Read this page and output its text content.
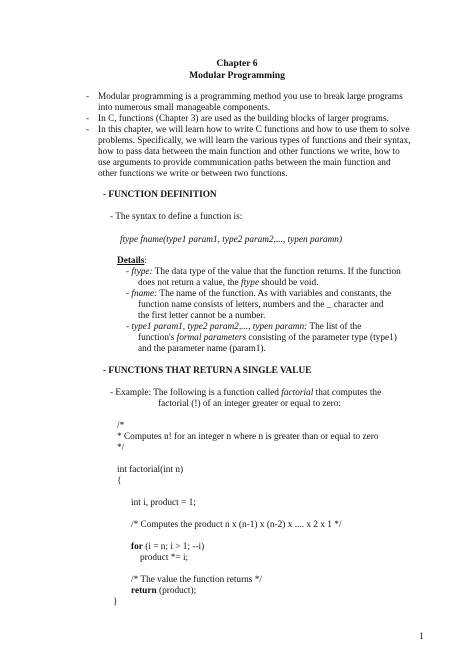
Chapter 6
Modular Programming
- Modular programming is a programming method you use to break large programs
into numerous small manageable components.
- In C, functions (Chapter 3) are used as the building blocks of larger programs.
- In this chapter, we will learn how to write C functions and how to use them to solve
problems. Specifically, we will learn the various types of functions and their syntax,
how to pass data between the main function and other functions we write, how to
use arguments to provide communication paths between the main function and
other functions we write or between two functions.
- FUNCTION DEFINITION
- The syntax to define a function is:
ftype fname(type1 param1, type2 param2,..., typen paramn)
Details:
- ftype: The data type of the value that the function returns. If the function
does not return a value, the ftype should be void.
- fname: The name of the function. As with variables and constants, the
function name consists of letters, numbers and the _ character and
the first letter cannot be a number.
- type1 param1, type2 param2,..., typen paramn: The list of the
function's formal parameters consisting of the parameter type (type1)
and the parameter name (param1).
- FUNCTIONS THAT RETURN A SINGLE VALUE
- Example: The following is a function called factorial that computes the
factorial (!) of an integer greater or equal to zero:
/*
* Computes n! for an integer n where n is greater than or equal to zero
*/
int factorial(int n)
{
int i, product = 1;
/* Computes the product n x (n-1) x (n-2) x .... x 2 x 1 */
for (i = n; i > 1; --i)
product *= i;
/* The value the function returns */
return (product);
}
1
